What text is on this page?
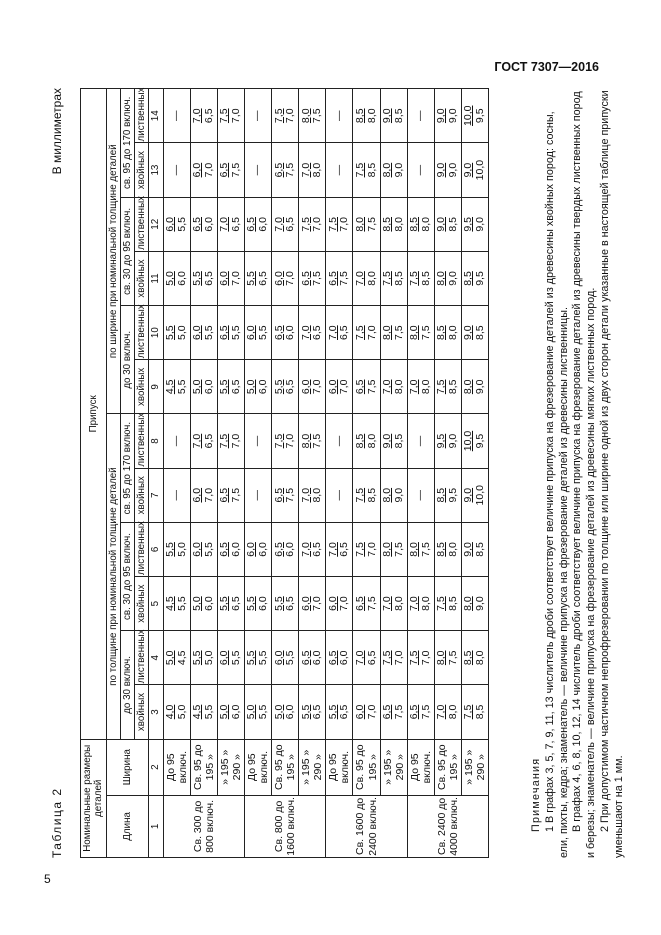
ГОСТ 7307—2016
Таблица 2
В миллиметрах
Номинальные размеры деталей		Припуск											
Длина	Ширина	по толщине при номинальной толщине деталей						по ширине при номинальной толщине деталей					
		до 30 включ.		св. 30 до 95 включ.		св. 95 до 170 включ.		до 30 включ.		св. 30 до 95 включ.		св. 95 до 170 включ.	
		хвойных	лиственных	хвойных	лиственных	хвойных	лиственных	хвойных	лиственных	хвойных	лиственных	хвойных	лиственных
1	2	3	4	5	6	7	8	9	10	11	12	13	14
Св. 300 до 800 включ.	До 95 включ.	4,0 5,0	5,0 4,5	4,5 5,5	5,5 5,0	—	—	4,5 5,5	5,5 5,0	5,0 6,0	6,0 5,5	—	—
	Св. 95 до 195 »	4,5 5,5	5,5 5,0	5,0 6,0	6,0 5,5	6,0 7,0	7,0 6,5	5,0 6,0	6,0 5,5	5,5 6,5	6,5 6,0	6,0 7,0	7,0 6,5

	» 195 » 290 »	5,0 6,0	6,0 5,5	5,5 6,5	6,5 6,0	6,5 7,5	7,5 7,0	5,5 6,5	6,5 5,5	6,0 7,0	7,0 6,5	6,5 7,5	7,5 7,0

Св. 800 до 1600 включ.	До 95 включ.	5,0 5,5	5,5 5,5	5,5 6,0	6,0 6,0	—	—	5,0 6,0	6,0 5,5	5,5 6,5	6,5 6,0	—	—
	Св. 95 до 195 »	5,0 6,0	6,0 5,5	5,5 6,5	6,5 6,0	6,5 7,5	7,5 7,0	5,5 6,5	6,5 6,0	6,0 7,0	7,0 6,5	6,5 7,5	7,5 7,0

	» 195 » 290 »	5,5 6,5	6,5 6,0	6,0 7,0	7,0 6,5	7,0 8,0	8,0 7,5	6,0 7,0	7,0 6,5	6,5 7,5	7,5 7,0	7,0 8,0	8,0 7,5

Св. 1600 до 2400 включ.	До 95 включ.	5,5 6,5	6,5 6,0	6,0 7,0	7,0 6,5	—	—	6,0 7,0	7,0 6,5	6,5 7,5	7,5 7,0	—	—
	Св. 95 до 195 »	6,0 7,0	7,0 6,5	6,5 7,5	7,5 7,0	7,5 8,5	8,5 8,0	6,5 7,5	7,5 7,0	7,0 8,0	8,0 7,5	7,5 8,5	8,5 8,0

	» 195 » 290 »	6,5 7,5	7,5 7,0	7,0 8,0	8,0 7,5	8,0 9,0	9,0 8,5	7,0 8,0	8,0 7,5	7,5 8,5	8,5 8,0	8,0 9,0	9,0 8,5

Св. 2400 до 4000 включ.	До 95 включ.	6,5 7,5	7,5 7,0	7,0 8,0	8,0 7,5	—	—	7,0 8,0	8,0 7,5	7,5 8,5	8,5 8,0	—	—
	Св. 95 до 195 »	7,0 8,0	8,0 7,5	7,5 8,5	8,5 8,0	8,5 9,5	9,5 9,0	7,5 8,5	8,5 8,0	8,0 9,0	9,0 8,5	9,0 9,0	9,0 9,0

	» 195 » 290 »	7,5 8,5	8,5 8,0	8,0 9,0	9,0 8,5	9,0 10,0	10,0 9,5	8,0 9,0	9,0 8,5	8,5 9,5	9,5 9,0	9,0 10,0	10,0 9,5

Примечания 1 В графах 3, 5, 7, 9, 11, 13 числитель дроби соответствует величине припуска на фрезерование деталей из древесины хвойных пород: сосны, ели, пихты, кедра; знаменатель — величине припуска на фрезерование деталей из древесины лиственницы. В графах 4, 6, 8, 10, 12, 14 числитель дроби соответствует величине припуска на фрезерование деталей из древесины твердых лиственных пород и березы; знаменатель — величине припуска на фрезерование деталей из древесины мягких лиственных пород. 2 При допустимом частичном непрофрезеровании по толщине или ширине одной из двух сторон детали указанные в настоящей таблице припуски уменьшают на 1 мм.

5
